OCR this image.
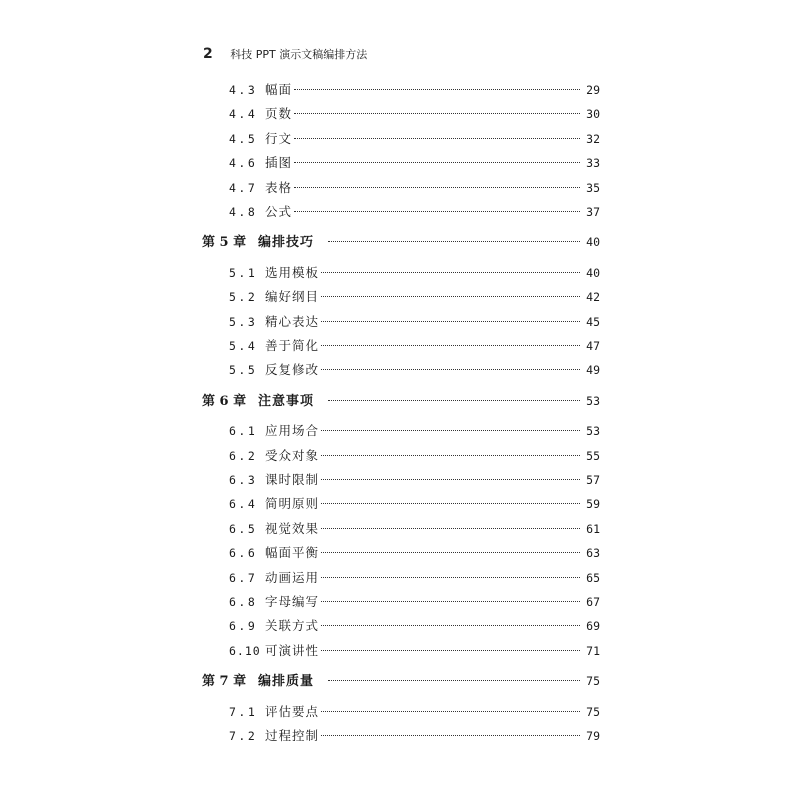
2 科技 PPT 演示文稿编排方法
4.3 幅面	29
4.4 页数	30
4.5 行文	32
4.6 插图	33
4.7 表格	35
4.8 公式	37
第 5 章 编排技巧	40
5.1 选用模板	40
5.2 编好纲目	42
5.3 精心表达	45
5.4 善于简化	47
5.5 反复修改	49
第 6 章 注意事项	53
6.1 应用场合	53
6.2 受众对象	55
6.3 课时限制	57
6.4 简明原则	59
6.5 视觉效果	61
6.6 幅面平衡	63
6.7 动画运用	65
6.8 字母编写	67
6.9 关联方式	69
6.10 可演讲性	71
第 7 章 编排质量	75
7.1 评估要点	75
7.2 过程控制	79
